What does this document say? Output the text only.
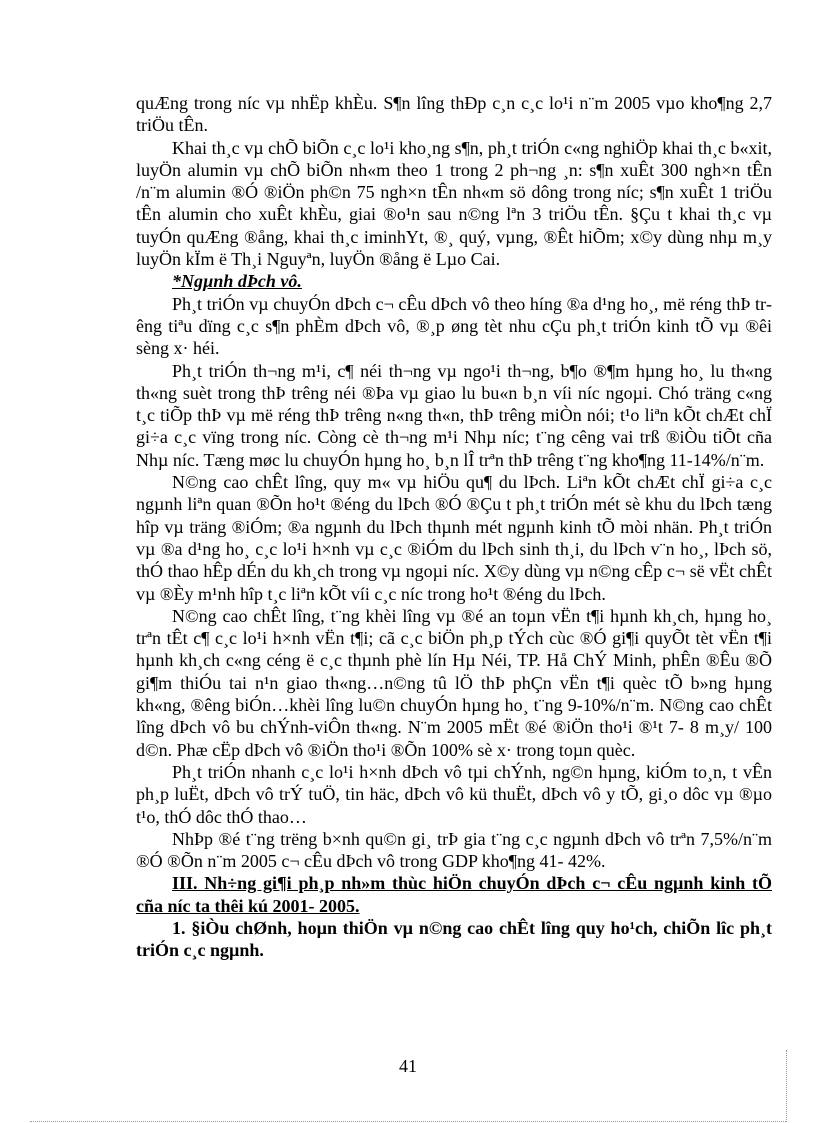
quÆng trong níc vµ nhËp khÈu. S¶n lîng thÐp c¸n c¸c lo¹i n¨m 2005 vµo kho¶ng 2,7 triÖu tÊn.

Khai th¸c vµ chÕ biÕn c¸c lo¹i kho¸ng s¶n, ph¸t triÓn c«ng nghiÖp khai th¸c b«xit, luyÖn alumin vµ chÕ biÕn nh«m theo 1 trong 2 ph¬ng ¸n: s¶n xuÊt 300 ngh×n tÊn /n¨m alumin ®Ó ®iÖn ph©n 75 ngh×n tÊn nh«m sö dông trong níc; s¶n xuÊt 1 triÖu tÊn alumin cho xuÊt khÈu, giai ®o¹n sau n©ng lªn 3 triÖu tÊn. §Çu t khai th¸c vµ tuyÓn quÆng ®ång, khai th¸c iminhYt, ®¸ quý, vµng, ®Êt hiÕm; x©y dùng nhµ m¸y luyÖn kÏm ë Th¸i Nguyªn, luyÖn ®ång ë Lµo Cai.

*Ngµnh dÞch vô.

Ph¸t triÓn vµ chuyÓn dÞch c¬ cÊu dÞch vô theo híng ®a d¹ng ho¸, më réng thÞ trêng tiªu dïng c¸c s¶n phÈm dÞch vô, ®¸p øng tèt nhu cÇu ph¸t triÓn kinh tÕ vµ ®êi sèng x· héi.

Ph¸t triÓn th¬ng m¹i, c¶ néi th¬ng vµ ngo¹i th¬ng, b¶o ®¶m hµng ho¸ lu th«ng th«ng suèt trong thÞ trêng néi ®Þa vµ giao lu bu«n b¸n víi níc ngoµi. Chó träng c«ng t¸c tiÕp thÞ vµ më réng thÞ trêng n«ng th«n, thÞ trêng miÒn nói; t¹o liªn kÕt chÆt chÏ gi÷a c¸c vïng trong níc. Còng cè th¬ng m¹i Nhµ níc; t¨ng cêng vai trß ®iÒu tiÕt cña Nhµ níc. Tæng møc lu chuyÓn hµng ho¸ b¸n lÎ trªn thÞ trêng t¨ng kho¶ng 11-14%/n¨m.

N©ng cao chÊt lîng, quy m« vµ hiÖu qu¶ du lÞch. Liªn kÕt chÆt chÏ gi÷a c¸c ngµnh liªn quan ®Õn ho¹t ®éng du lÞch ®Ó ®Çu t ph¸t triÓn mét sè khu du lÞch tæng hîp vµ träng ®iÓm; ®a ngµnh du lÞch thµnh mét ngµnh kinh tÕ mòi nhän. Ph¸t triÓn vµ ®a d¹ng ho¸ c¸c lo¹i h×nh vµ c¸c ®iÓm du lÞch sinh th¸i, du lÞch v¨n ho¸, lÞch sö, thÓ thao hÊp dÉn du kh¸ch trong vµ ngoµi níc. X©y dùng vµ n©ng cÊp c¬ së vËt chÊt vµ ®Èy m¹nh hîp t¸c liªn kÕt víi c¸c níc trong ho¹t ®éng du lÞch.

N©ng cao chÊt lîng, t¨ng khèi lîng vµ ®é an toµn vËn t¶i hµnh kh¸ch, hµng ho¸ trªn tÊt c¶ c¸c lo¹i h×nh vËn t¶i; cã c¸c biÖn ph¸p tÝch cùc ®Ó gi¶i quyÕt tèt vËn t¶i hµnh kh¸ch c«ng céng ë c¸c thµnh phè lín Hµ Néi, TP. Hå ChÝ Minh, phÊn ®Êu ®Õ gi¶m thiÓu tai n¹n giao th«ng…n©ng tû lÖ thÞ phÇn vËn t¶i quèc tÕ b»ng hµng kh«ng, ®êng biÓn…khèi lîng lu©n chuyÓn hµng ho¸ t¨ng 9-10%/n¨m. N©ng cao chÊt lîng dÞch vô bu chÝnh-viÔn th«ng. N¨m 2005 mËt ®é ®iÖn tho¹i ®¹t 7- 8 m¸y/ 100 d©n. Phæ cËp dÞch vô ®iÖn tho¹i ®Õn 100% sè x· trong toµn quèc.

Ph¸t triÓn nhanh c¸c lo¹i h×nh dÞch vô tµi chÝnh, ng©n hµng, kiÓm to¸n, t vÊn ph¸p luËt, dÞch vô trÝ tuÖ, tin häc, dÞch vô kü thuËt, dÞch vô y tÕ, gi¸o dôc vµ ®µo t¹o, thÓ dôc thÓ thao…

NhÞp ®é t¨ng trëng b×nh qu©n gi¸ trÞ gia t¨ng c¸c ngµnh dÞch vô trªn 7,5%/n¨m ®Ó ®Õn n¨m 2005 c¬ cÊu dÞch vô trong GDP kho¶ng 41- 42%.

III. Nh÷ng gi¶i ph¸p nh»m thùc hiÖn chuyÓn dÞch c¬ cÊu ngµnh kinh tÕ cña níc ta thêi kú 2001- 2005.

1. §iÒu chØnh, hoµn thiÖn vµ n©ng cao chÊt lîng quy ho¹ch, chiÕn lîc ph¸t triÓn c¸c ngµnh.

41
